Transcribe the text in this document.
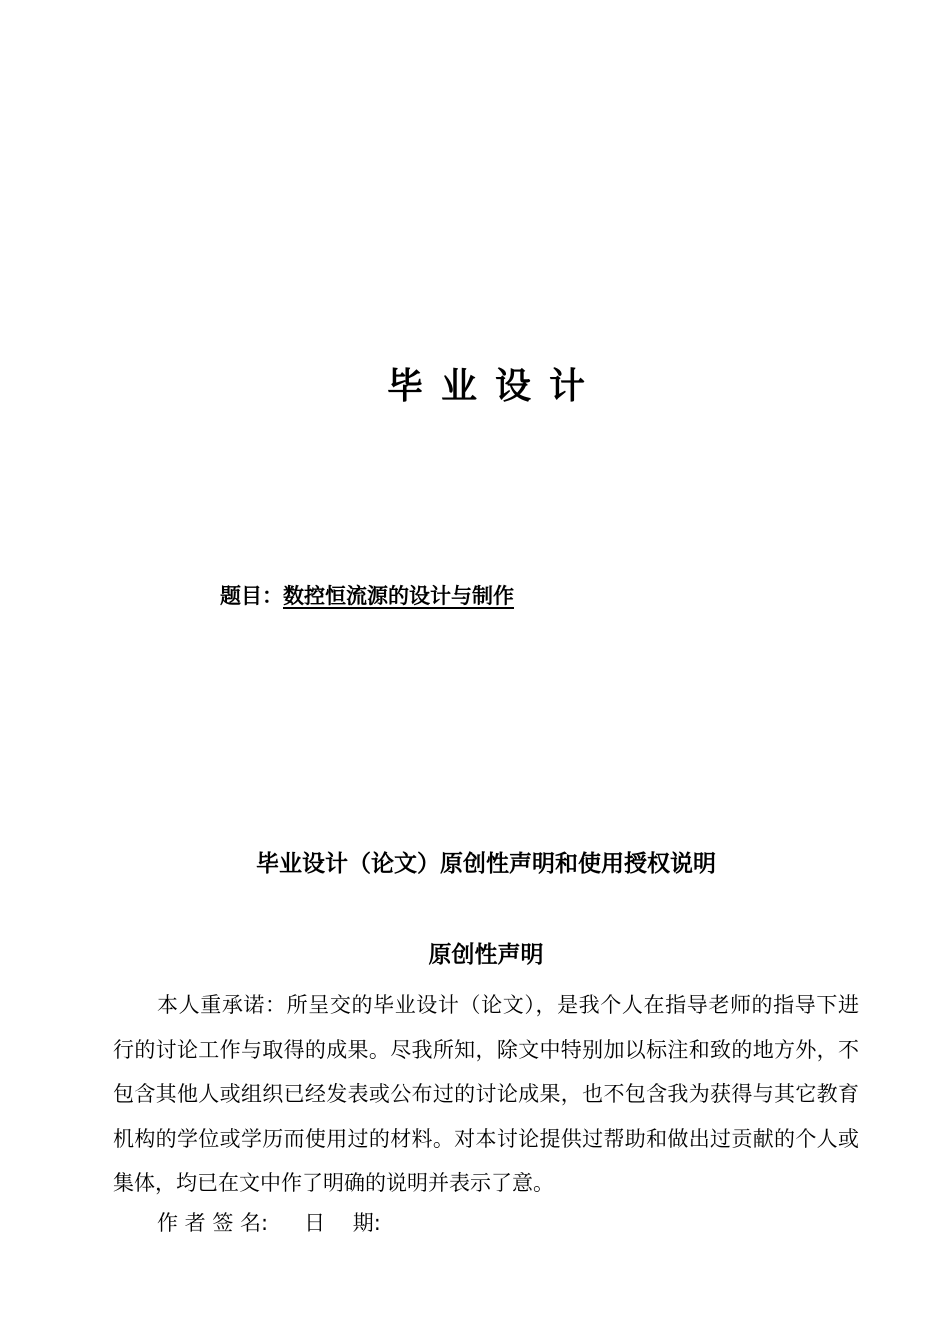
毕业设计
题目：数控恒流源的设计与制作
毕业设计（论文）原创性声明和使用授权说明
原创性声明

本人重承诺：所呈交的毕业设计（论文），是我个人在指导老师的指导下进行的讨论工作与取得的成果。尽我所知，除文中特别加以标注和致的地方外，不包含其他人或组织已经发表或公布过的讨论成果，也不包含我为获得与其它教育机构的学位或学历而使用过的材料。对本讨论提供过帮助和做出过贡献的个人或集体，均已在文中作了明确的说明并表示了意。

作 者 签 名: 日　 期:
